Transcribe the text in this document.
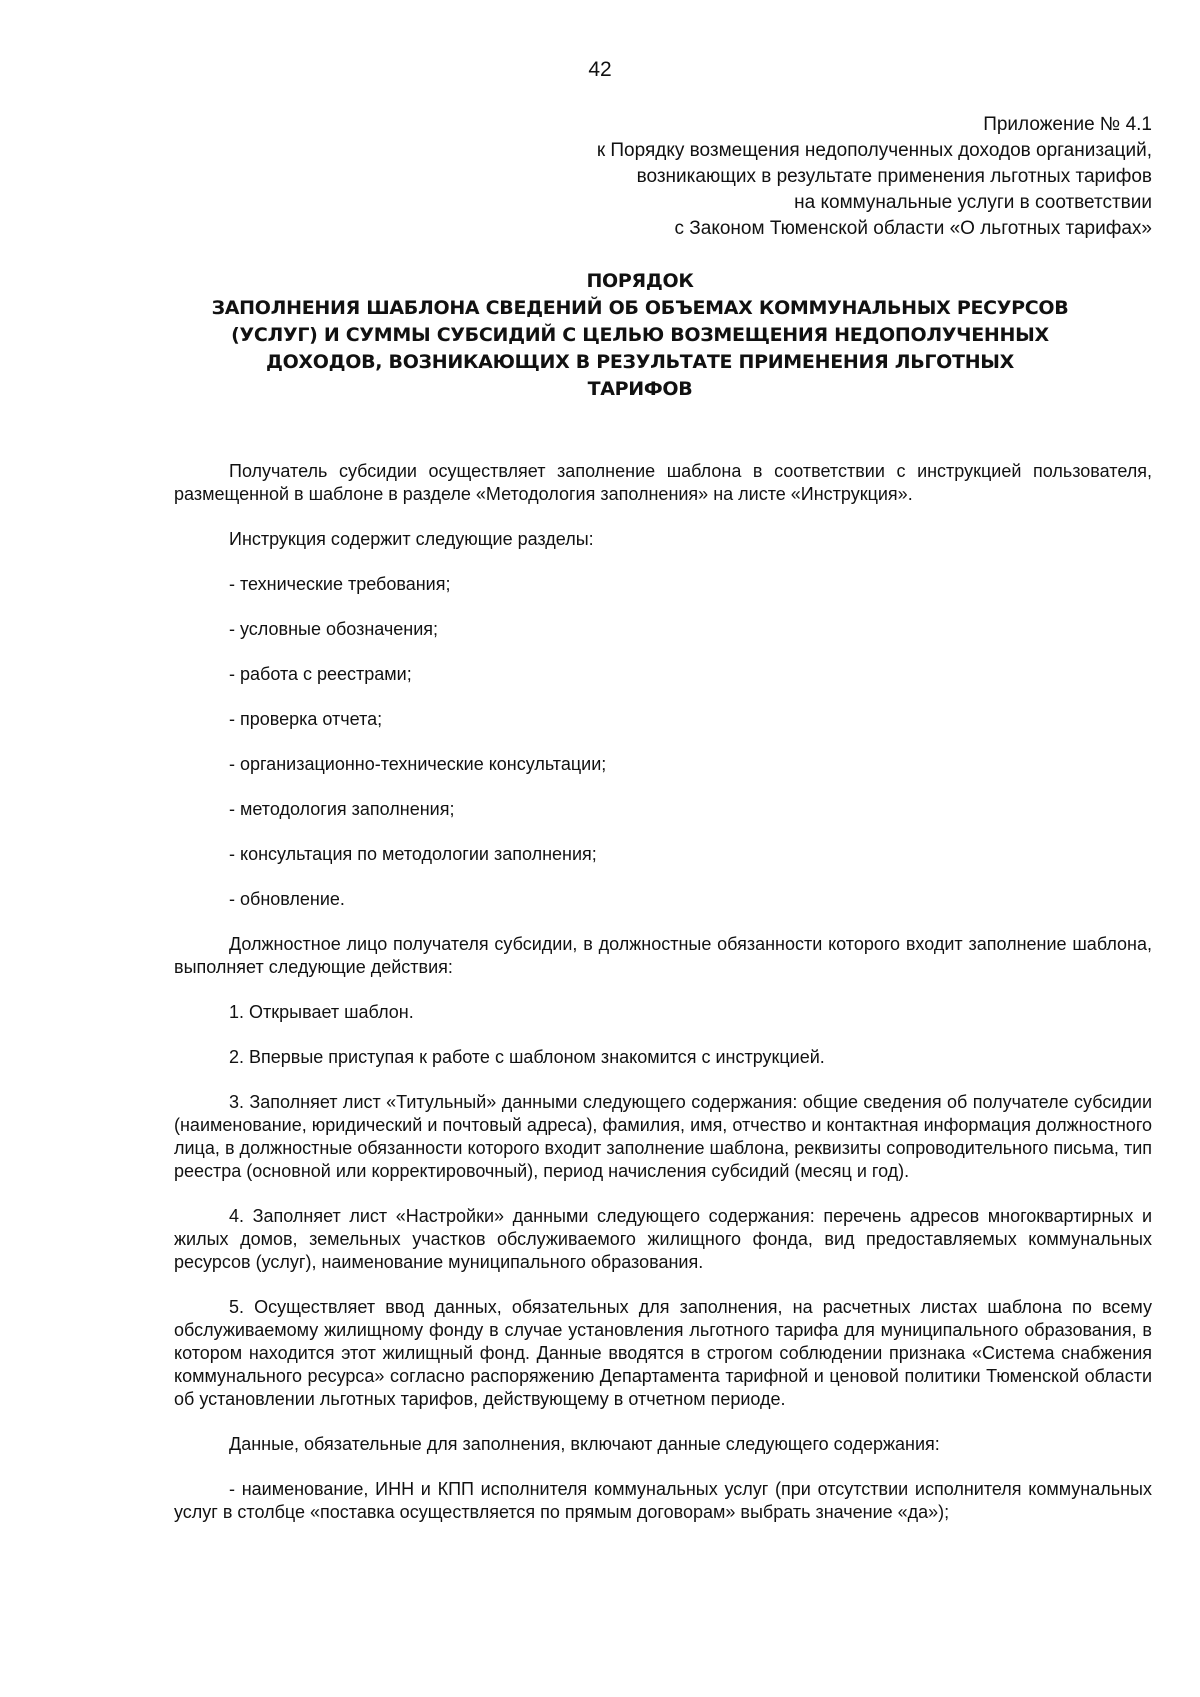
42
Приложение № 4.1
к Порядку возмещения недополученных доходов организаций,
возникающих в результате применения льготных тарифов
на коммунальные услуги в соответствии
с Законом Тюменской области «О льготных тарифах»
ПОРЯДОК
ЗАПОЛНЕНИЯ ШАБЛОНА СВЕДЕНИЙ ОБ ОБЪЕМАХ КОММУНАЛЬНЫХ РЕСУРСОВ
(УСЛУГ) И СУММЫ СУБСИДИЙ С ЦЕЛЬЮ ВОЗМЕЩЕНИЯ НЕДОПОЛУЧЕННЫХ
ДОХОДОВ, ВОЗНИКАЮЩИХ В РЕЗУЛЬТАТЕ ПРИМЕНЕНИЯ ЛЬГОТНЫХ
ТАРИФОВ

Получатель субсидии осуществляет заполнение шаблона в соответствии с инструкцией пользователя, размещенной в шаблоне в разделе «Методология заполнения» на листе «Инструкция».

Инструкция содержит следующие разделы:

- технические требования;

- условные обозначения;

- работа с реестрами;

- проверка отчета;

- организационно-технические консультации;

- методология заполнения;

- консультация по методологии заполнения;

- обновление.

Должностное лицо получателя субсидии, в должностные обязанности которого входит заполнение шаблона, выполняет следующие действия:

1. Открывает шаблон.

2. Впервые приступая к работе с шаблоном знакомится с инструкцией.

3. Заполняет лист «Титульный» данными следующего содержания: общие сведения об получателе субсидии (наименование, юридический и почтовый адреса), фамилия, имя, отчество и контактная информация должностного лица, в должностные обязанности которого входит заполнение шаблона, реквизиты сопроводительного письма, тип реестра (основной или корректировочный), период начисления субсидий (месяц и год).

4. Заполняет лист «Настройки» данными следующего содержания: перечень адресов многоквартирных и жилых домов, земельных участков обслуживаемого жилищного фонда, вид предоставляемых коммунальных ресурсов (услуг), наименование муниципального образования.

5. Осуществляет ввод данных, обязательных для заполнения, на расчетных листах шаблона по всему обслуживаемому жилищному фонду в случае установления льготного тарифа для муниципального образования, в котором находится этот жилищный фонд. Данные вводятся в строгом соблюдении признака «Система снабжения коммунального ресурса» согласно распоряжению Департамента тарифной и ценовой политики Тюменской области об установлении льготных тарифов, действующему в отчетном периоде.

Данные, обязательные для заполнения, включают данные следующего содержания:

- наименование, ИНН и КПП исполнителя коммунальных услуг (при отсутствии исполнителя коммунальных услуг в столбце «поставка осуществляется по прямым договорам» выбрать значение «да»);
